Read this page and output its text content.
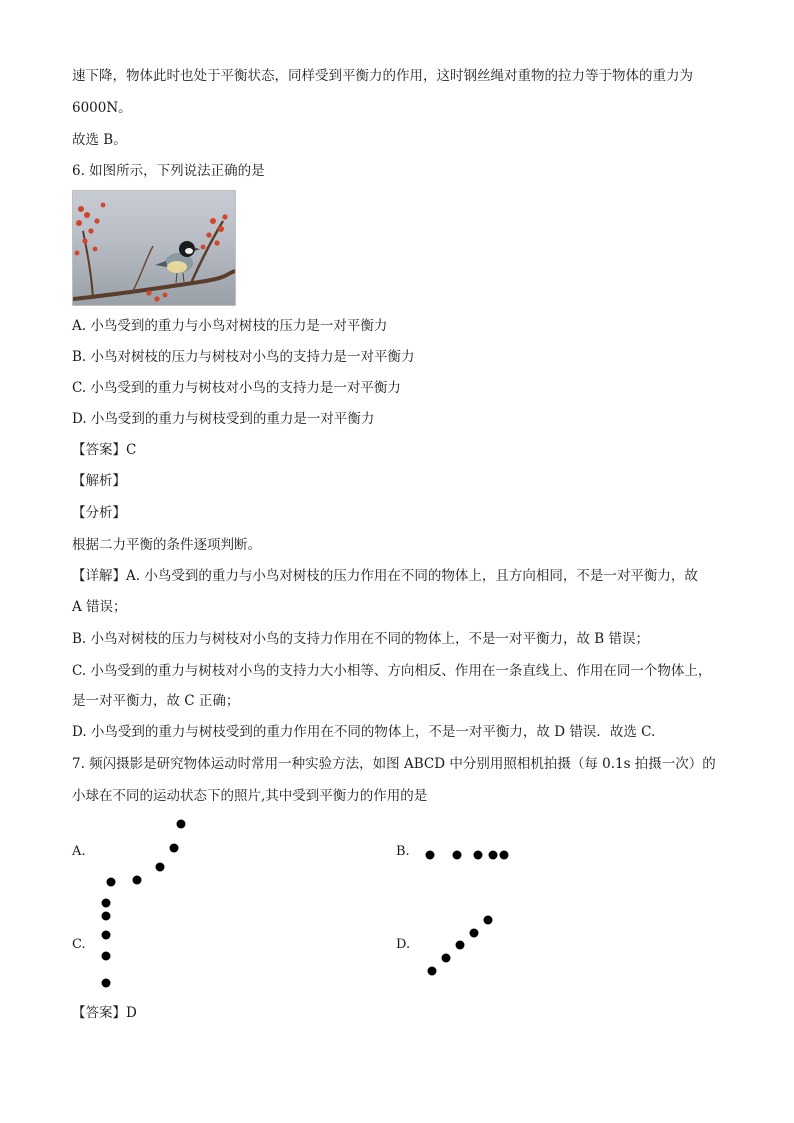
速下降，物体此时也处于平衡状态，同样受到平衡力的作用，这时钢丝绳对重物的拉力等于物体的重力为
6000N。
故选 B。
6. 如图所示，下列说法正确的是
A. 小鸟受到的重力与小鸟对树枝的压力是一对平衡力
B. 小鸟对树枝的压力与树枝对小鸟的支持力是一对平衡力
C. 小鸟受到的重力与树枝对小鸟的支持力是一对平衡力
D. 小鸟受到的重力与树枝受到的重力是一对平衡力
【答案】C
【解析】
【分析】
根据二力平衡的条件逐项判断。
【详解】A. 小鸟受到的重力与小鸟对树枝的压力作用在不同的物体上，且方向相同，不是一对平衡力，故
A 错误；
B. 小鸟对树枝的压力与树枝对小鸟的支持力作用在不同的物体上，不是一对平衡力，故 B 错误；
C. 小鸟受到的重力与树枝对小鸟的支持力大小相等、方向相反、作用在一条直线上、作用在同一个物体上，
是一对平衡力，故 C 正确；
D. 小鸟受到的重力与树枝受到的重力作用在不同的物体上，不是一对平衡力，故 D 错误．故选 C.
7. 频闪摄影是研究物体运动时常用一种实验方法，如图 ABCD 中分别用照相机拍摄（每 0.1s 拍摄一次）的
小球在不同的运动状态下的照片,其中受到平衡力的作用的是
A.	B.
C.	D.
【答案】D
